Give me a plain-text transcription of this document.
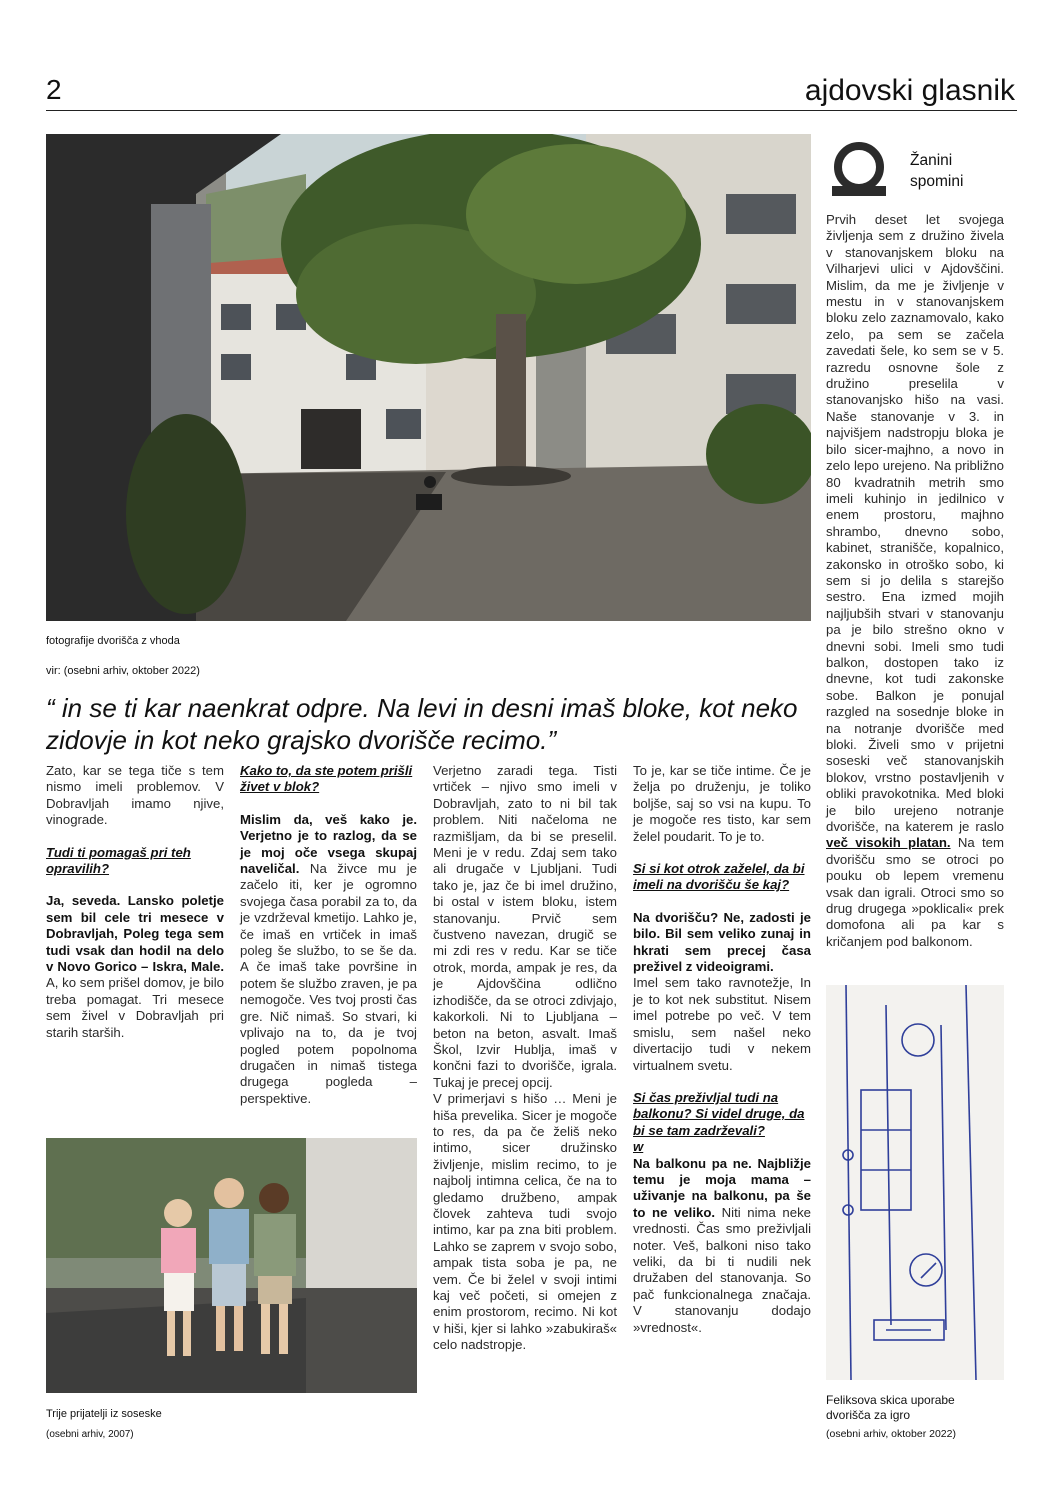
2	ajdovski glasnik
fotografije dvorišča z vhoda
vir: (osebni arhiv, oktober 2022)
“ in se ti kar naenkrat odpre. Na levi in desni imaš bloke, kot neko zidovje in kot neko grajsko dvorišče recimo.”

Zato, kar se tega tiče s tem nismo imeli problemov. V Dobravljah imamo njive, vinograde.

Tudi ti pomagaš pri teh opravilih?

Ja, seveda. Lansko poletje sem bil cele tri mesece v Dobravljah, Poleg tega sem tudi vsak dan hodil na delo v Novo Gorico – Iskra, Male. A, ko sem prišel domov, je bilo treba pomagat. Tri mesece sem živel v Dobravljah pri starih starših.

Kako to, da ste potem prišli živet v blok?

Mislim da, veš kako je. Verjetno je to razlog, da se je moj oče vsega skupaj naveličal. Na živce mu je začelo iti, ker je ogromno svojega časa porabil za to, da je vzdrževal kmetijo. Lahko je, če imaš en vrtiček in imaš poleg še službo, to se še da. A če imaš take površine in potem še službo zraven, je pa nemogoče. Ves tvoj prosti čas gre. Nič nimaš. So stvari, ki vplivajo na to, da je tvoj pogled potem popolnoma drugačen in nimaš tistega drugega pogleda – perspektive.

Trije prijatelji iz soseske
(osebni arhiv, 2007)

Verjetno zaradi tega. Tisti vrtiček – njivo smo imeli v Dobravljah, zato to ni bil tak problem. Niti načeloma ne razmišljam, da bi se preselil. Meni je v redu. Zdaj sem tako ali drugače v Ljubljani. Tudi tako je, jaz če bi imel družino, bi ostal v istem bloku, istem stanovanju. Prvič sem čustveno navezan, drugič se mi zdi res v redu. Kar se tiče otrok, morda, ampak je res, da je Ajdovščina odlično izhodišče, da se otroci zdivjajo, kakorkoli. Ni to Ljubljana – beton na beton, asvalt. Imaš Škol, Izvir Hublja, imaš v končni fazi to dvorišče, igrala. Tukaj je precej opcij.

V primerjavi s hišo … Meni je hiša prevelika. Sicer je mogoče to res, da pa če želiš neko intimo, sicer družinsko življenje, mislim recimo, to je najbolj intimna celica, če na to gledamo družbeno, ampak človek zahteva tudi svojo intimo, kar pa zna biti problem. Lahko se zaprem v svojo sobo, ampak tista soba je pa, ne vem. Če bi želel v svoji intimi kaj več početi, si omejen z enim prostorom, recimo. Ni kot v hiši, kjer si lahko »zabukiraš« celo nadstropje.

To je, kar se tiče intime. Če je želja po druženju, je toliko boljše, saj so vsi na kupu. To je mogoče res tisto, kar sem želel poudarit. To je to.

Si si kot otrok zaželel, da bi imeli na dvorišču še kaj?

Na dvorišču? Ne, zadosti je bilo. Bil sem veliko zunaj in hkrati sem precej časa preživel z videoigrami.

Imel sem tako ravnotežje, In je to kot nek substitut. Nisem imel potrebe po več. V tem smislu, sem našel neko divertacijo tudi v nekem virtualnem svetu.

Si čas preživljal tudi na balkonu? Si videl druge, da bi se tam zadrževali?

w

Na balkonu pa ne. Najbližje temu je moja mama – uživanje na balkonu, pa še to ne veliko. Niti nima neke vrednosti. Čas smo preživljali noter. Veš, balkoni niso tako veliki, da bi ti nudili nek družaben del stanovanja. So pač funkcionalnega značaja. V stanovanju dodajo »vrednost«.

Žanini
spomini

Prvih deset let svojega življenja sem z družino živela v stanovanjskem bloku na Vilharjevi ulici v Ajdovščini. Mislim, da me je življenje v mestu in v stanovanjskem bloku zelo zaznamovalo, kako zelo, pa sem se začela zavedati šele, ko sem se v 5. razredu osnovne šole z družino preselila v stanovanjsko hišo na vasi. Naše stanovanje v 3. in najvišjem nadstropju bloka je bilo sicer-majhno, a novo in zelo lepo urejeno. Na približno 80 kvadratnih metrih smo imeli kuhinjo in jedilnico v enem prostoru, majhno shrambo, dnevno sobo, kabinet, stranišče, kopalnico, zakonsko in otroško sobo, ki sem si jo delila s starejšo sestro. Ena izmed mojih najljubših stvari v stanovanju pa je bilo strešno okno v dnevni sobi. Imeli smo tudi balkon, dostopen tako iz dnevne, kot tudi zakonske sobe. Balkon je ponujal razgled na sosednje bloke in na notranje dvorišče med bloki. Živeli smo v prijetni soseski več stanovanjskih blokov, vrstno postavljenih v obliki pravokotnika. Med bloki je bilo urejeno notranje dvorišče, na katerem je raslo več visokih platan. Na tem dvorišču smo se otroci po pouku ob lepem vremenu vsak dan igrali. Otroci smo so drug drugega »poklicali« prek domofona ali pa kar s kričanjem pod balkonom.

Feliksova skica uporabe dvorišča za igro
(osebni arhiv, oktober 2022)
